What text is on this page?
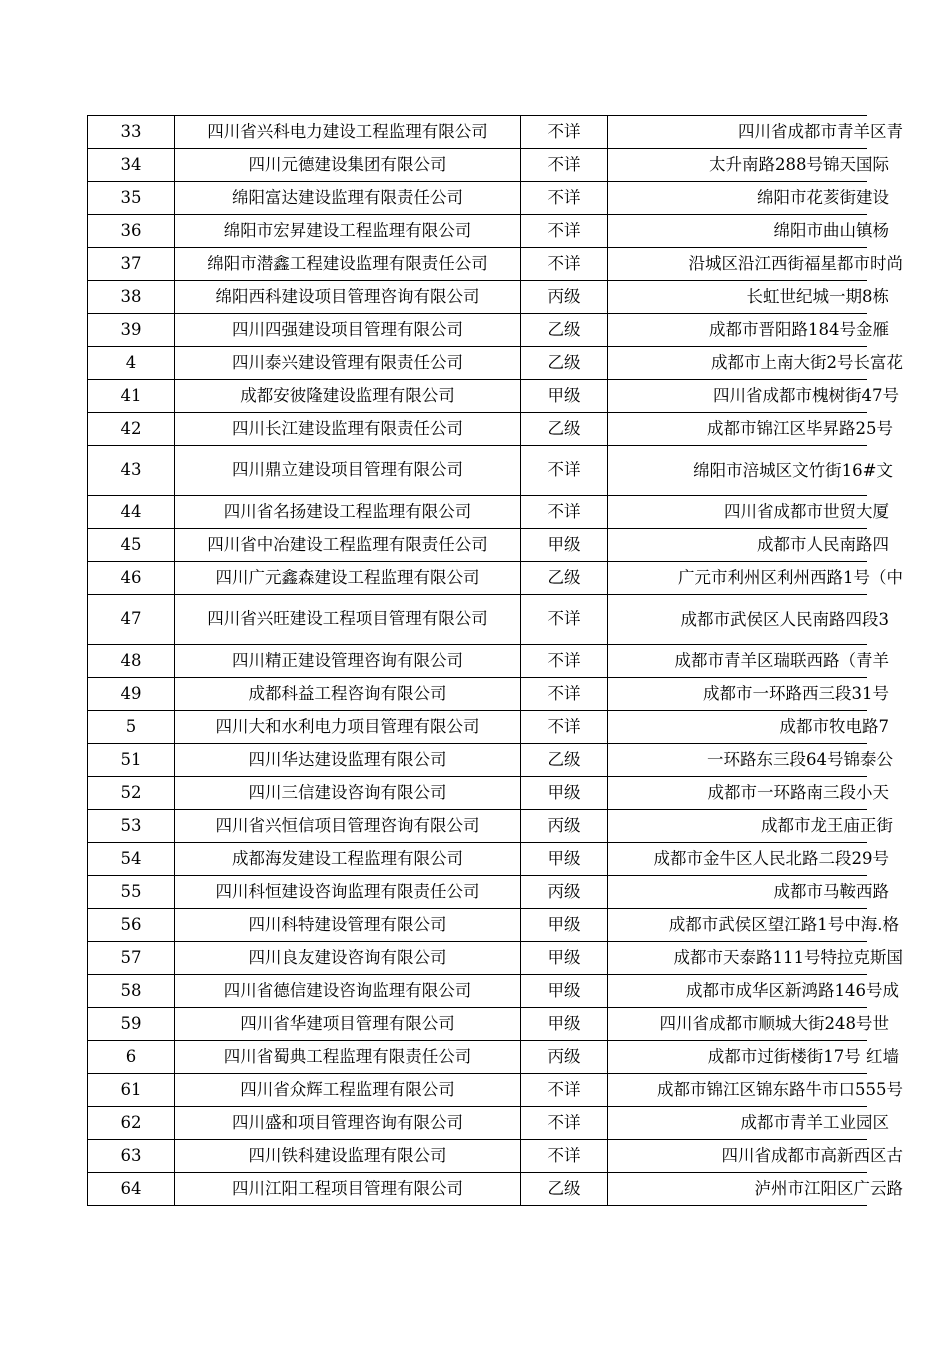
33	四川省兴科电力建设工程监理有限公司	不详	四川省成都市青羊区青

34	四川元德建设集团有限公司	不详	太升南路288号锦天国际

35	绵阳富达建设监理有限责任公司	不详	绵阳市花荄街建设

36	绵阳市宏昇建设工程监理有限公司	不详	绵阳市曲山镇杨

37	绵阳市潜鑫工程建设监理有限责任公司	不详	沿城区沿江西街福星都市时尚

38	绵阳西科建设项目管理咨询有限公司	丙级	长虹世纪城一期8栋

39	四川四强建设项目管理有限公司	乙级	成都市晋阳路184号金雁

4	四川泰兴建设管理有限责任公司	乙级	成都市上南大街2号长富花

41	成都安彼隆建设监理有限公司	甲级	四川省成都市槐树街47号

42	四川长江建设监理有限责任公司	乙级	成都市锦江区毕昇路25号

43	四川鼎立建设项目管理有限公司	不详	绵阳市涪城区文竹街16#文

44	四川省名扬建设工程监理有限公司	不详	四川省成都市世贸大厦

45	四川省中冶建设工程监理有限责任公司	甲级	成都市人民南路四

46	四川广元鑫森建设工程监理有限公司	乙级	广元市利州区利州西路1号（中

47	四川省兴旺建设工程项目管理有限公司	不详	成都市武侯区人民南路四段3

48	四川精正建设管理咨询有限公司	不详	成都市青羊区瑞联西路（青羊

49	成都科益工程咨询有限公司	不详	成都市一环路西三段31号

5	四川大和水利电力项目管理有限公司	不详	成都市牧电路7

51	四川华达建设监理有限公司	乙级	一环路东三段64号锦泰公

52	四川三信建设咨询有限公司	甲级	成都市一环路南三段小天

53	四川省兴恒信项目管理咨询有限公司	丙级	成都市龙王庙正街

54	成都海发建设工程监理有限公司	甲级	成都市金牛区人民北路二段29号

55	四川科恒建设咨询监理有限责任公司	丙级	成都市马鞍西路

56	四川科特建设管理有限公司	甲级	成都市武侯区望江路1号中海.格

57	四川良友建设咨询有限公司	甲级	成都市天泰路111号特拉克斯国

58	四川省德信建设咨询监理有限公司	甲级	成都市成华区新鸿路146号成

59	四川省华建项目管理有限公司	甲级	四川省成都市顺城大街248号世

6	四川省蜀典工程监理有限责任公司	丙级	成都市过街楼街17号 红墙

61	四川省众辉工程监理有限公司	不详	成都市锦江区锦东路牛市口555号

62	四川盛和项目管理咨询有限公司	不详	成都市青羊工业园区

63	四川铁科建设监理有限公司	不详	四川省成都市高新西区古

64	四川江阳工程项目管理有限公司	乙级	泸州市江阳区广云路
